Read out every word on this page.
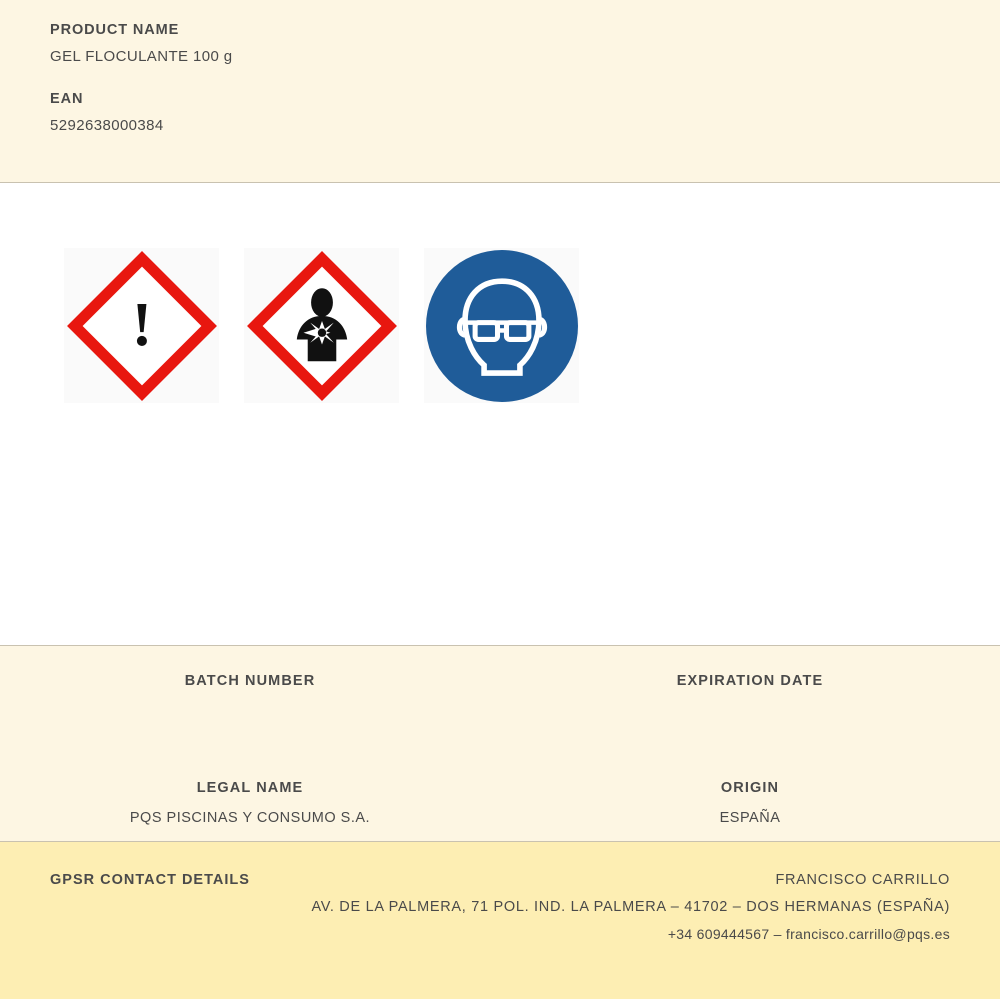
PRODUCT NAME
GEL FLOCULANTE 100 g
EAN
5292638000384
!
BATCH NUMBER	EXPIRATION DATE
LEGAL NAME
PQS PISCINAS Y CONSUMO S.A.
ORIGIN
ESPAÑA
GPSR CONTACT DETAILS	FRANCISCO CARRILLO
AV. DE LA PALMERA, 71 POL. IND. LA PALMERA – 41702 – DOS HERMANAS (ESPAÑA)
+34 609444567 – francisco.carrillo@pqs.es
